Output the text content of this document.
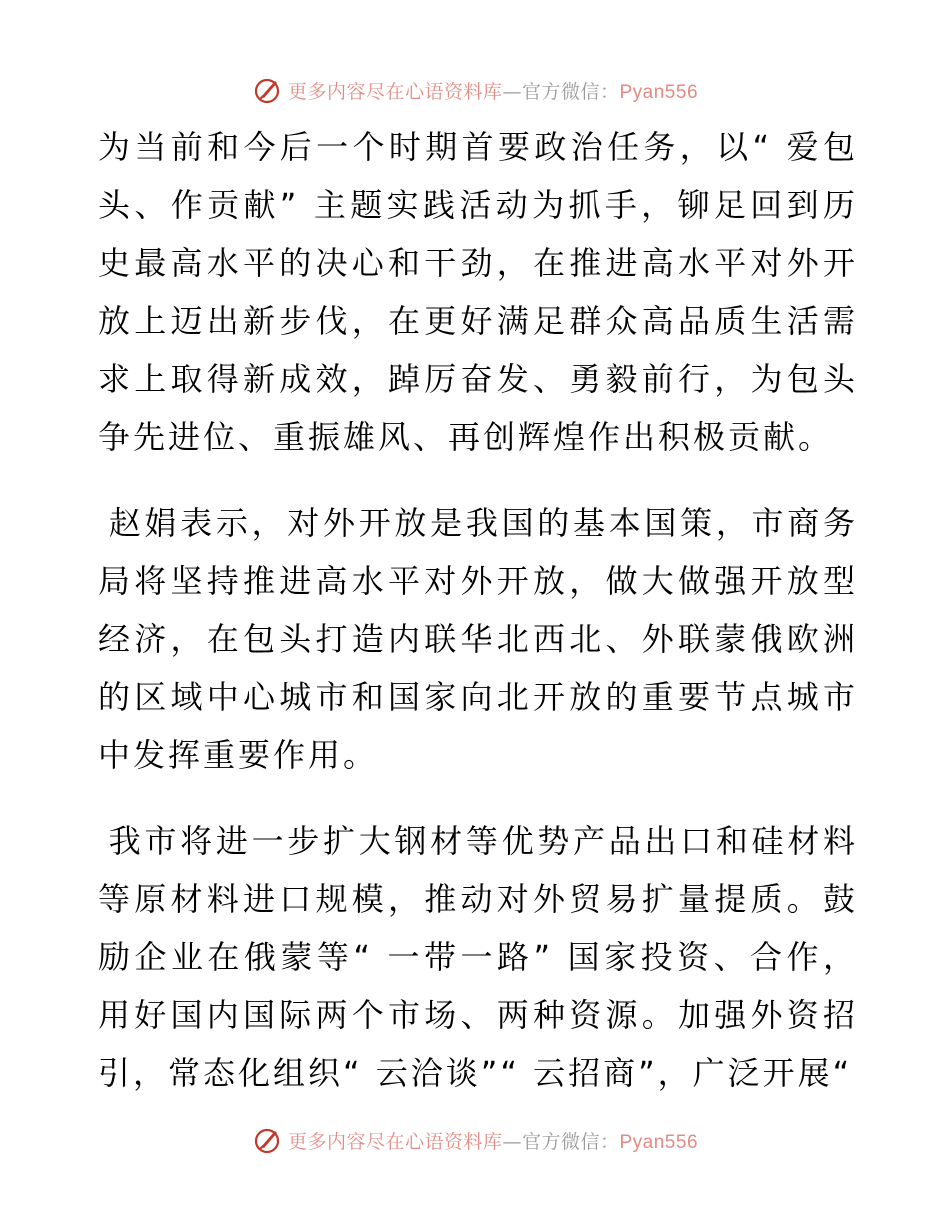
更多内容尽在心语资料库—官方微信：Pyan556

为当前和今后一个时期首要政治任务，以“ 爱包头、作贡献” 主题实践活动为抓手，铆足回到历史最高水平的决心和干劲，在推进高水平对外开放上迈出新步伐，在更好满足群众高品质生活需求上取得新成效，踔厉奋发、勇毅前行，为包头争先进位、重振雄风、再创辉煌作出积极贡献。

赵娟表示，对外开放是我国的基本国策，市商务局将坚持推进高水平对外开放，做大做强开放型经济，在包头打造内联华北西北、外联蒙俄欧洲的区域中心城市和国家向北开放的重要节点城市中发挥重要作用。

我市将进一步扩大钢材等优势产品出口和硅材料等原材料进口规模，推动对外贸易扩量提质。鼓励企业在俄蒙等“ 一带一路” 国家投资、合作，用好国内国际两个市场、两种资源。加强外资招引，常态化组织“ 云洽谈”“ 云招商”，广泛开展“

更多内容尽在心语资料库—官方微信：Pyan556
